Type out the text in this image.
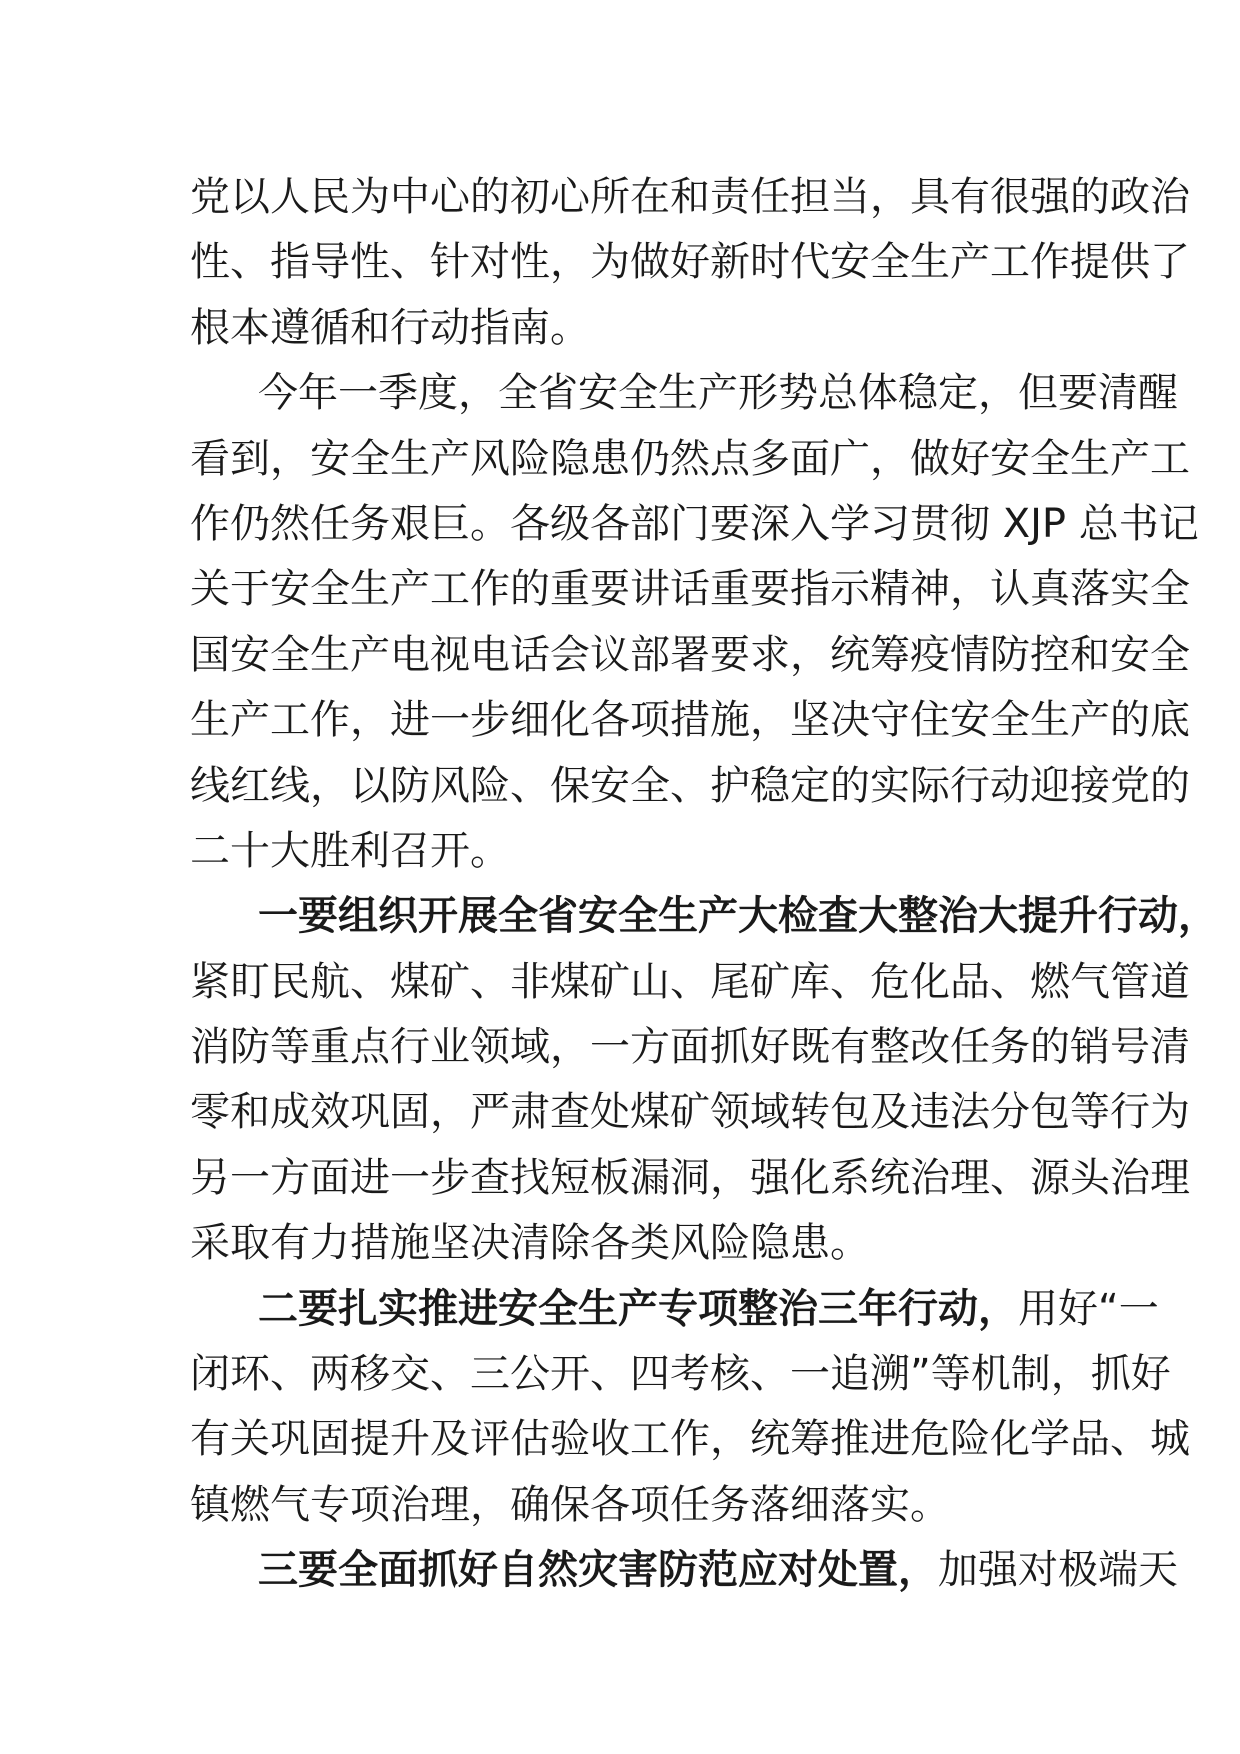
党以人民为中心的初心所在和责任担当，具有很强的政治
性、指导性、针对性，为做好新时代安全生产工作提供了
根本遵循和行动指南。
今年一季度，全省安全生产形势总体稳定，但要清醒
看到，安全生产风险隐患仍然点多面广，做好安全生产工
作仍然任务艰巨。各级各部门要深入学习贯彻 XJP 总书记
关于安全生产工作的重要讲话重要指示精神，认真落实全
国安全生产电视电话会议部署要求，统筹疫情防控和安全
生产工作，进一步细化各项措施，坚决守住安全生产的底
线红线，以防风险、保安全、护稳定的实际行动迎接党的
二十大胜利召开。
一要组织开展全省安全生产大检查大整治大提升行动，
紧盯民航、煤矿、非煤矿山、尾矿库、危化品、燃气管道
消防等重点行业领域，一方面抓好既有整改任务的销号清
零和成效巩固，严肃查处煤矿领域转包及违法分包等行为
另一方面进一步查找短板漏洞，强化系统治理、源头治理
采取有力措施坚决清除各类风险隐患。
二要扎实推进安全生产专项整治三年行动，用好“一
闭环、两移交、三公开、四考核、一追溯”等机制，抓好
有关巩固提升及评估验收工作，统筹推进危险化学品、城
镇燃气专项治理，确保各项任务落细落实。
三要全面抓好自然灾害防范应对处置，加强对极端天
